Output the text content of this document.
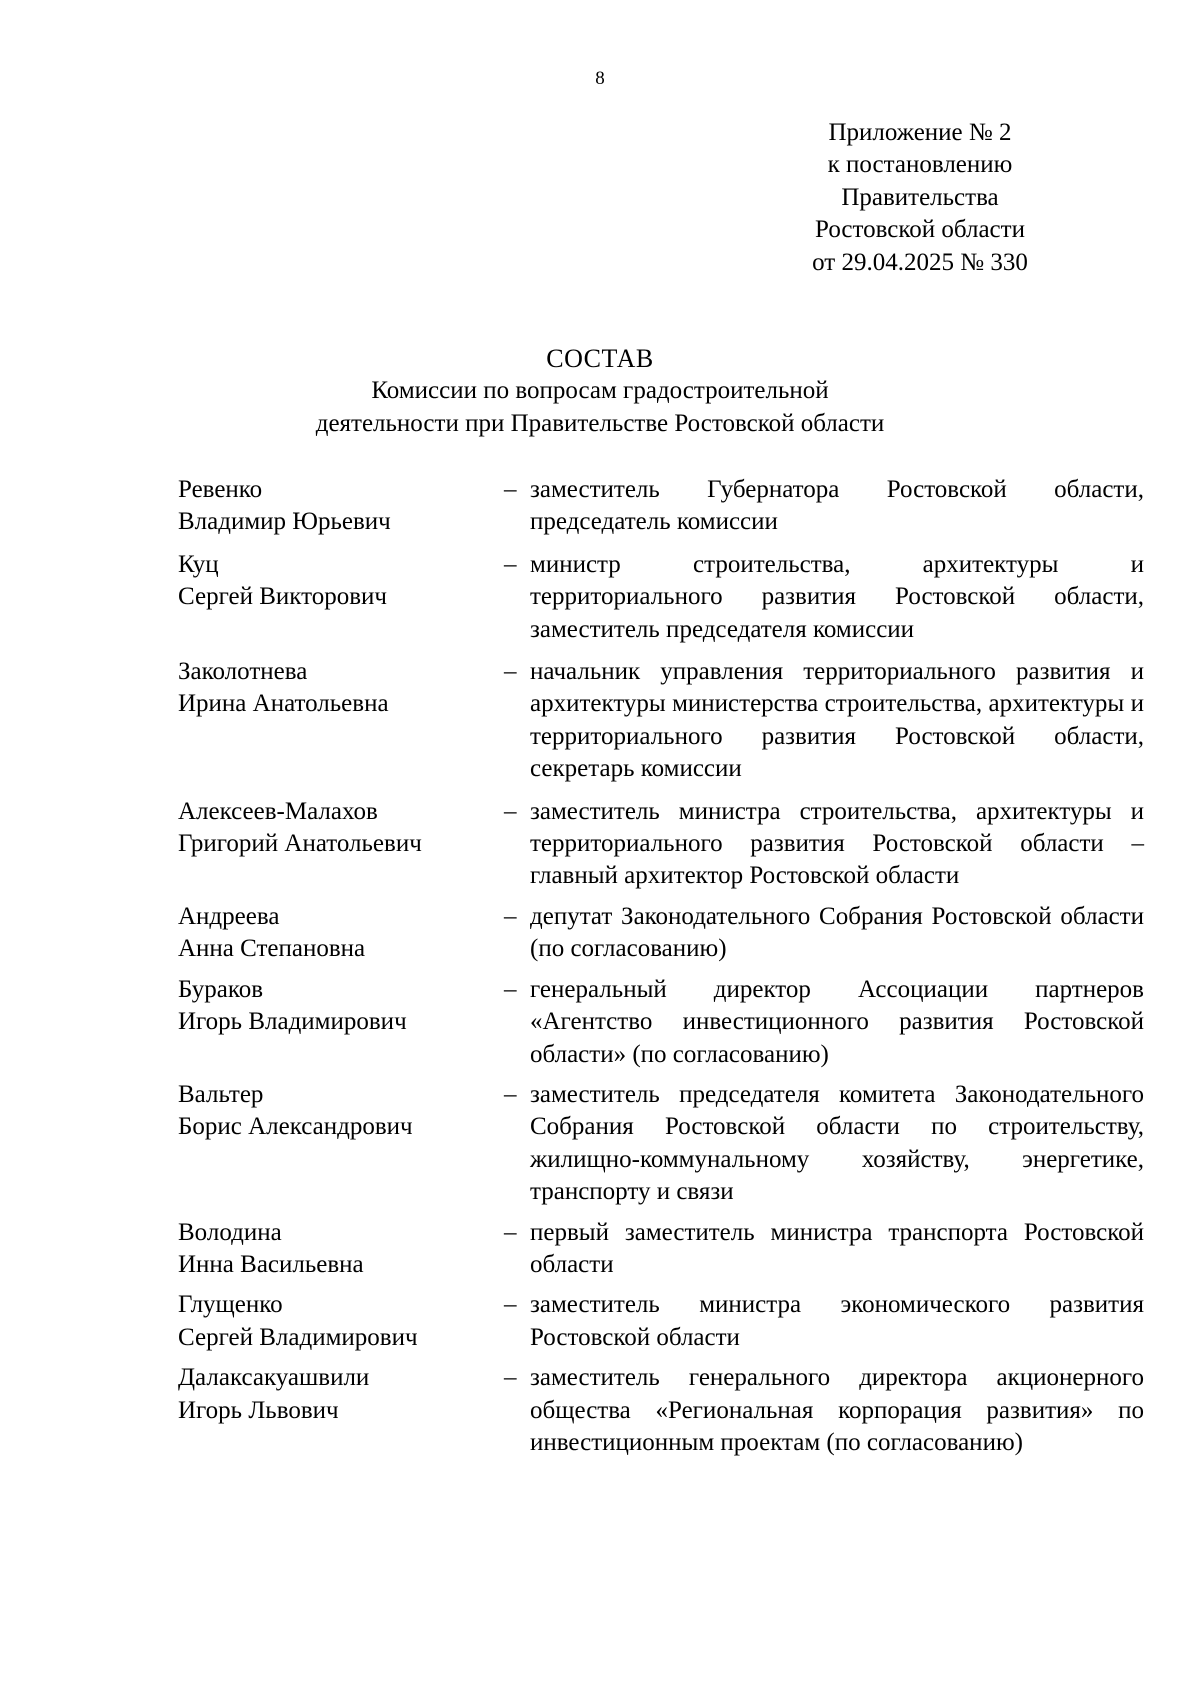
8
Приложение № 2
к постановлению
Правительства
Ростовской области
от 29.04.2025 № 330
СОСТАВ
Комиссии по вопросам градостроительной
деятельности при Правительстве Ростовской области
Ревенко
Владимир Юрьевич
– заместитель Губернатора Ростовской области, председатель комиссии

Куц
Сергей Викторович
– министр строительства, архитектуры и территориального развития Ростовской области, заместитель председателя комиссии

Заколотнева
Ирина Анатольевна
– начальник управления территориального развития и архитектуры министерства строительства, архитектуры и территориального развития Ростовской области, секретарь комиссии

Алексеев-Малахов
Григорий Анатольевич
– заместитель министра строительства, архитектуры и территориального развития Ростовской области – главный архитектор Ростовской области

Андреева
Анна Степановна
– депутат Законодательного Собрания Ростовской области (по согласованию)

Бураков
Игорь Владимирович
– генеральный директор Ассоциации партнеров «Агентство инвестиционного развития Ростовской области» (по согласованию)

Вальтер
Борис Александрович
– заместитель председателя комитета Законодательного Собрания Ростовской области по строительству, жилищно-коммунальному хозяйству, энергетике, транспорту и связи

Володина
Инна Васильевна
– первый заместитель министра транспорта Ростовской области

Глущенко
Сергей Владимирович
– заместитель министра экономического развития Ростовской области

Далаксакуашвили
Игорь Львович
– заместитель генерального директора акционерного общества «Региональная корпорация развития» по инвестиционным проектам (по согласованию)
